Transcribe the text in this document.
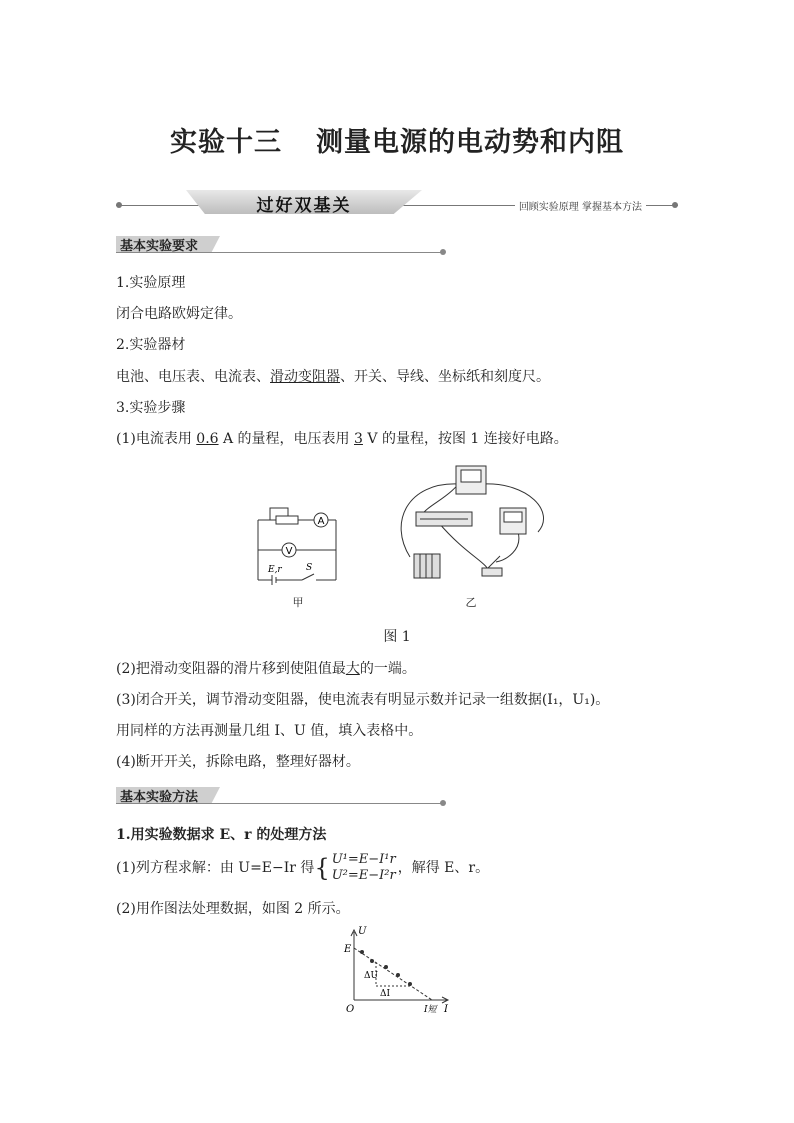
实验十三 测量电源的电动势和内阻
过好双基关	回顾实验原理 掌握基本方法
基本实验要求
1.实验原理
闭合电路欧姆定律。
2.实验器材
电池、电压表、电流表、滑动变阻器、开关、导线、坐标纸和刻度尺。
3.实验步骤
(1)电流表用 0.6 A 的量程，电压表用 3 V 的量程，按图 1 连接好电路。
A
V
E,r	S
甲	乙
图 1
(2)把滑动变阻器的滑片移到使阻值最大的一端。
(3)闭合开关，调节滑动变阻器，使电流表有明显示数并记录一组数据(I₁，U₁)。
用同样的方法再测量几组 I、U 值，填入表格中。
(4)断开开关，拆除电路，整理好器材。
基本实验方法
1.用实验数据求 E、r 的处理方法
(1)列方程求解：由 U=E−Ir 得{ U¹=E−I¹r
U²=E−I²r ，解得 E、r。
(2)用作图法处理数据，如图 2 所示。
U
E
O	I
I短
ΔU
ΔI
